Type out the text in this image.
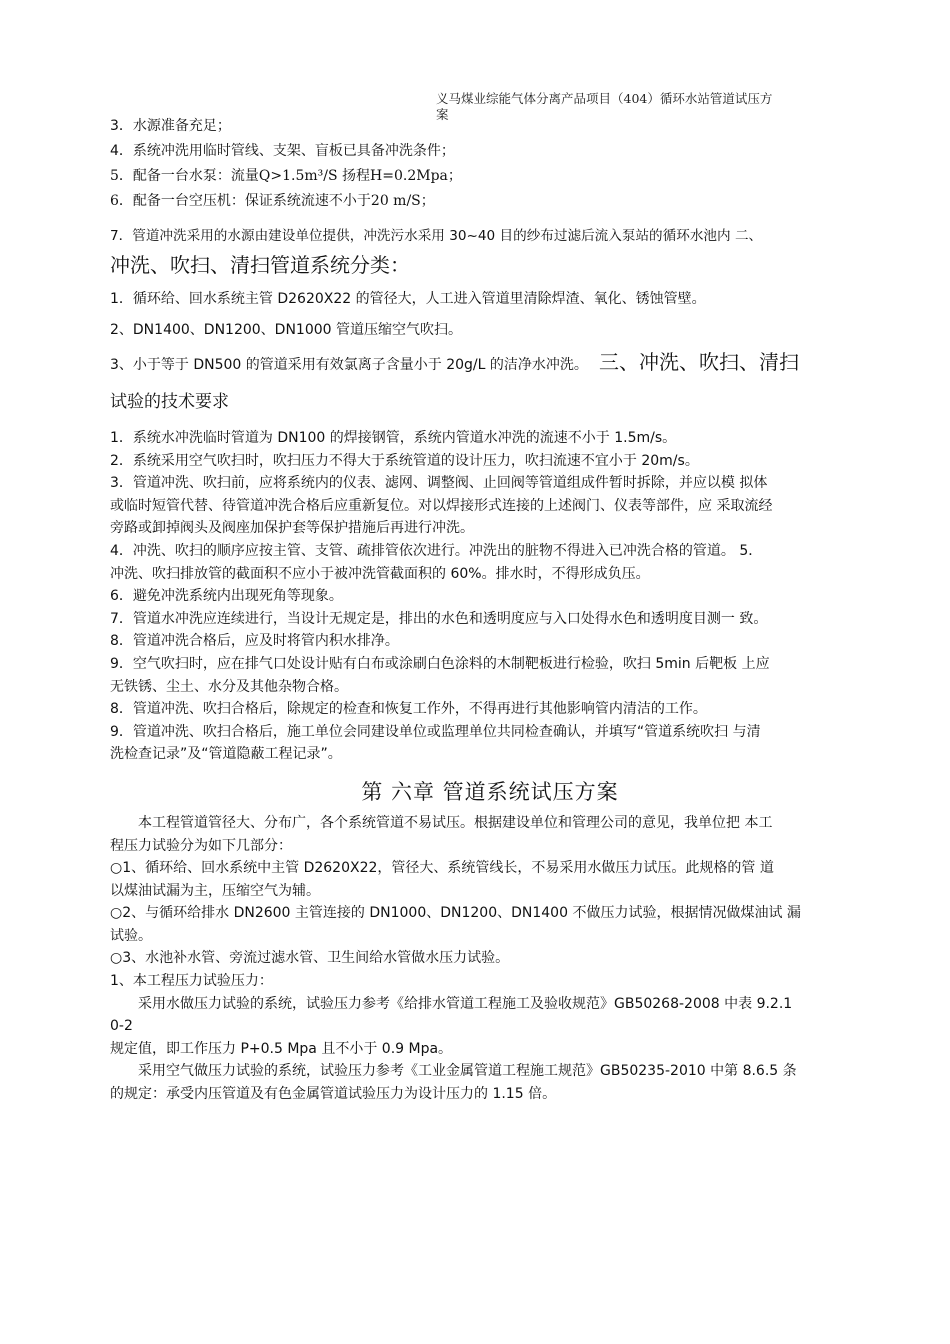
义马煤业综能气体分离产品项目（404）循环水站管道试压方
案
3．水源准备充足；
4．系统冲洗用临时管线、支架、盲板已具备冲洗条件；
5．配备一台水泵：流量Q>1.5m³/S 扬程H=0.2Mpa；
6．配备一台空压机：保证系统流速不小于20 m/S；
7．管道冲洗采用的水源由建设单位提供，冲洗污水采用 30~40 目的纱布过滤后流入泵站的循环水池内 二、
冲洗、吹扫、清扫管道系统分类：
1．循环给、回水系统主管 D2620X22 的管径大，人工进入管道里清除焊渣、氧化、锈蚀管壁。
2、DN1400、DN1200、DN1000 管道压缩空气吹扫。
3、小于等于 DN500 的管道采用有效氯离子含量小于 20g/L 的洁净水冲洗。 三、冲洗、吹扫、清扫
试验的技术要求
1．系统水冲洗临时管道为 DN100 的焊接钢管，系统内管道水冲洗的流速不小于 1.5m/s。
2．系统采用空气吹扫时，吹扫压力不得大于系统管道的设计压力，吹扫流速不宜小于 20m/s。
3．管道冲洗、吹扫前，应将系统内的仪表、滤网、调整阀、止回阀等管道组成件暂时拆除，并应以模 拟体
或临时短管代替、待管道冲洗合格后应重新复位。对以焊接形式连接的上述阀门、仪表等部件，应 采取流经
旁路或卸掉阀头及阀座加保护套等保护措施后再进行冲洗。
4．冲洗、吹扫的顺序应按主管、支管、疏排管依次进行。冲洗出的脏物不得进入已冲洗合格的管道。 5．
冲洗、吹扫排放管的截面积不应小于被冲洗管截面积的 60%。排水时，不得形成负压。
6．避免冲洗系统内出现死角等现象。
7．管道水冲洗应连续进行，当设计无规定是，排出的水色和透明度应与入口处得水色和透明度目测一 致。
8．管道冲洗合格后，应及时将管内积水排净。
9．空气吹扫时，应在排气口处设计贴有白布或涂刷白色涂料的木制靶板进行检验，吹扫 5min 后靶板 上应
无铁锈、尘土、水分及其他杂物合格。
8．管道冲洗、吹扫合格后，除规定的检查和恢复工作外，不得再进行其他影响管内清洁的工作。
9．管道冲洗、吹扫合格后，施工单位会同建设单位或监理单位共同检查确认，并填写“管道系统吹扫 与清
洗检查记录”及“管道隐蔽工程记录”。
第 六章 管道系统试压方案
本工程管道管径大、分布广，各个系统管道不易试压。根据建设单位和管理公司的意见，我单位把 本工
程压力试验分为如下几部分：
○1、循环给、回水系统中主管 D2620X22，管径大、系统管线长，不易采用水做压力试压。此规格的管 道
以煤油试漏为主，压缩空气为辅。
○2、与循环给排水 DN2600 主管连接的 DN1000、DN1200、DN1400 不做压力试验，根据情况做煤油试 漏
试验。
○3、水池补水管、旁流过滤水管、卫生间给水管做水压力试验。
1、本工程压力试验压力：
采用水做压力试验的系统，试验压力参考《给排水管道工程施工及验收规范》GB50268-2008 中表 9.2.1
0-2
规定值，即工作压力 P+0.5 Mpa 且不小于 0.9 Mpa。
采用空气做压力试验的系统，试验压力参考《工业金属管道工程施工规范》GB50235-2010 中第 8.6.5 条
的规定：承受内压管道及有色金属管道试验压力为设计压力的 1.15 倍。
